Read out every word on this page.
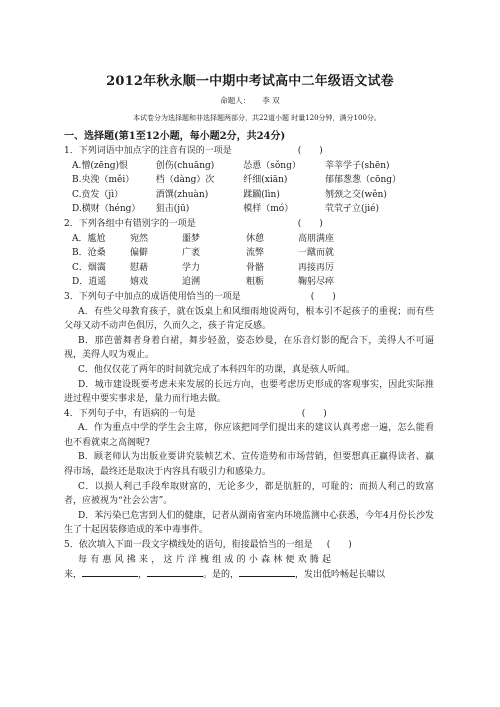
2012年秋永顺一中期中考试高中二年级语文试卷
命题人： 李 双
本试卷分为选择题和非选择题两部分，共22道小题 时量120分钟，满分100分。
一、选择题(第1至12小题，每小题2分，共24分)
1．下列词语中加点字的注音有误的一项是	(　　)
A.憎(zēng)恨	创伤(chuāng)	怂恿（sǒng）	莘莘学子(shēn)
B.央浼（měi）	档（dàng）次	纤细(xiān)	郁郁葱葱（cōng）
C.贲发（jì）	酒馔(zhuàn)	蹂躏(lìn)	刎颈之交(wěn)
D.横财（héng）	狙击(jū)	模样（mó）	茕茕孑立(jié)
2．下列各组中有错别字的一项是	(　　)
A．尴尬	宛然	噩梦	休憩	高朋满座
B．沧桑	偏僻	广袤	流弊	一蹴而就
C．烟霭	慰藉	学力	骨骼	再接再厉
D．逍遥	嬉戏	追溯	粗粝	鞠躬尽瘁
3．下列句子中加点的成语使用恰当的一项是	(　　)
A．有些父母教育孩子，就在饭桌上和风细雨地说两句，根本引不起孩子的重视；而有些父母又动不动声色俱厉，久而久之，孩子肯定反感。
B．那芭蕾舞者身着白裙，舞步轻盈，姿态妙曼，在乐音灯影的配合下，美得人不可逼视，美得人叹为观止。
C．他仅仅花了两年的时间就完成了本科四年的功课，真是骇人听闻。
D．城市建设既要考虑未来发展的长远方向，也要考虑历史形成的客观事实，因此实际推进过程中要实事求是，量力而行地去做。
4．下列句子中，有语病的一句是	(　　)
A．作为重点中学的学生会主席，你应该把同学们提出来的建议认真考虑一遍，怎么能看也不看就束之高阁呢?
B．顾老师认为出版业要讲究装帧艺术、宣传造势和市场营销，但要想真正赢得读者、赢得市场，最终还是取决于内容具有吸引力和感染力。
C．以损人利己手段牟取财富的，无论多少，都是肮脏的，可耻的；而损人利己的致富者，应被视为“社会公害”。
D．苯污染已危害到人们的健康，记者从湖南省室内环境监测中心获悉，今年4月份长沙发生了十起因装修造成的苯中毒事件。
5．依次填入下面一段文字横线处的语句，衔接最恰当的一组是 (　　)
每有惠风拂来，这片洋槐组成的小森林便欢腾起
来，	，	。是的，	，发出低吟畅起长啸以
